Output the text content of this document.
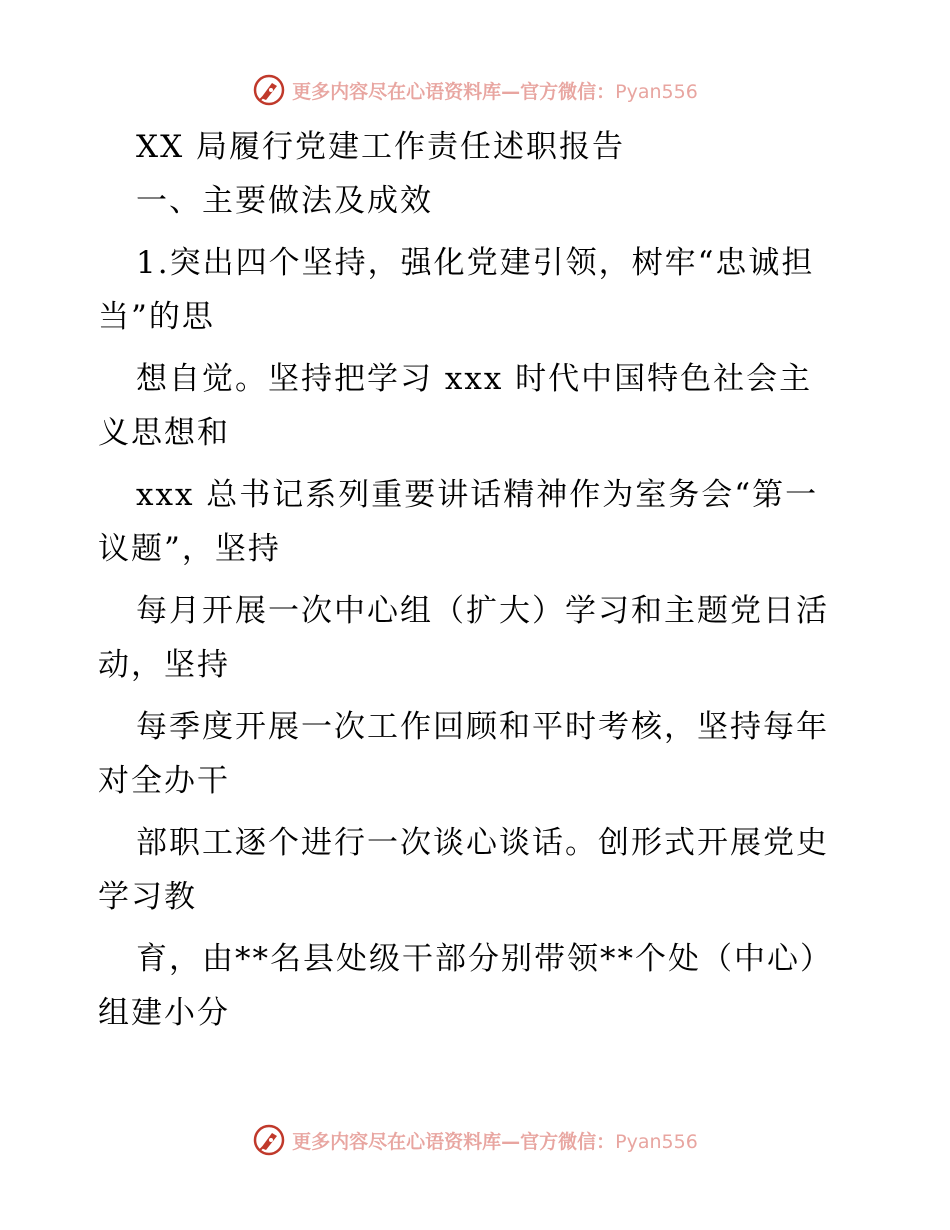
更多内容尽在心语资料库—官方微信：Pyan556
XX 局履行党建工作责任述职报告
一、主要做法及成效
1.突出四个坚持，强化党建引领，树牢“忠诚担
当”的思
想自觉。坚持把学习 xxx 时代中国特色社会主
义思想和
xxx 总书记系列重要讲话精神作为室务会“第一
议题”，坚持
每月开展一次中心组（扩大）学习和主题党日活
动，坚持
每季度开展一次工作回顾和平时考核，坚持每年
对全办干
部职工逐个进行一次谈心谈话。创形式开展党史
学习教
育，由**名县处级干部分别带领**个处（中心）
组建小分
更多内容尽在心语资料库—官方微信：Pyan556
